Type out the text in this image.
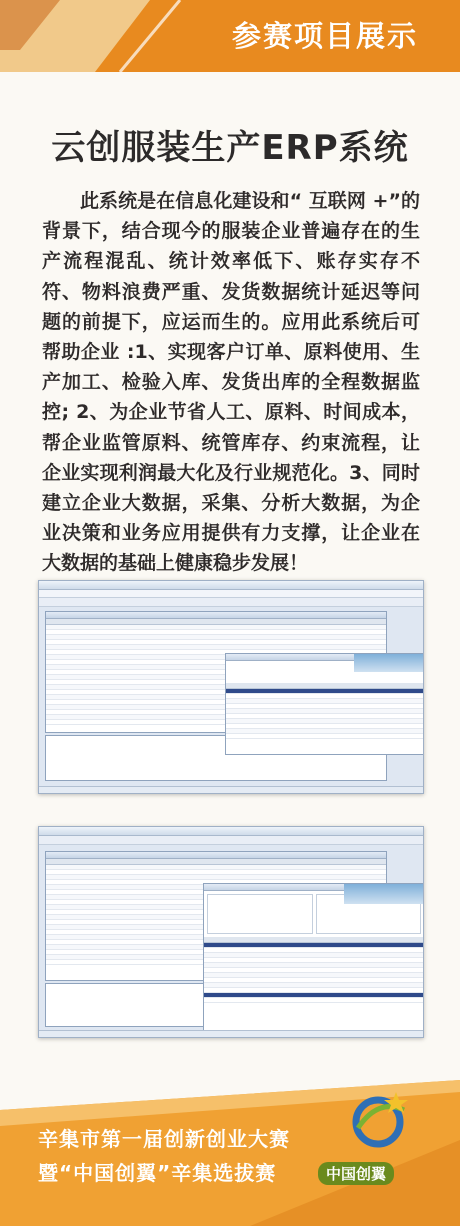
参赛项目展示
云创服装生产ERP系统

此系统是在信息化建设和“ 互联网 +”的背景下，结合现今的服装企业普遍存在的生产流程混乱、统计效率低下、账存实存不符、物料浪费严重、发货数据统计延迟等问题的前提下，应运而生的。应用此系统后可帮助企业 :1、实现客户订单、原料使用、生产加工、检验入库、发货出库的全程数据监控; 2、为企业节省人工、原料、时间成本，帮企业监管原料、统管库存、约束流程，让企业实现利润最大化及行业规范化。3、同时建立企业大数据，采集、分析大数据，为企业决策和业务应用提供有力支撑，让企业在大数据的基础上健康稳步发展！

辛集市第一届创新创业大赛
暨“中国创翼”辛集选拔赛	中国创翼
